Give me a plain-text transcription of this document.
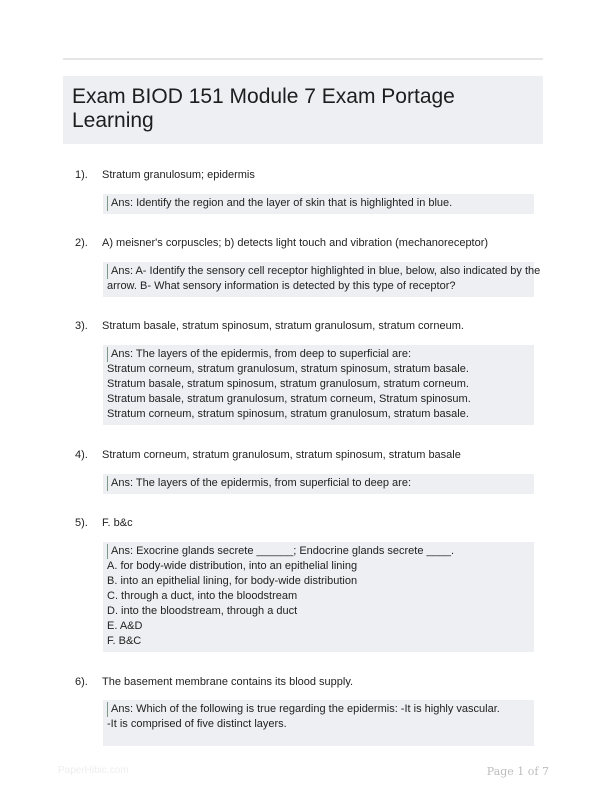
Exam BIOD 151 Module 7 Exam Portage Learning
1). Stratum granulosum; epidermis
Ans: Identify the region and the layer of skin that is highlighted in blue.
2). A) meisner's corpuscles; b) detects light touch and vibration (mechanoreceptor)
Ans: A- Identify the sensory cell receptor highlighted in blue, below, also indicated by the
arrow. B- What sensory information is detected by this type of receptor?
3). Stratum basale, stratum spinosum, stratum granulosum, stratum corneum.
Ans: The layers of the epidermis, from deep to superficial are:
Stratum corneum, stratum granulosum, stratum spinosum, stratum basale.
Stratum basale, stratum spinosum, stratum granulosum, stratum corneum.
Stratum basale, stratum granulosum, stratum corneum, Stratum spinosum.
Stratum corneum, stratum spinosum, stratum granulosum, stratum basale.
4). Stratum corneum, stratum granulosum, stratum spinosum, stratum basale
Ans: The layers of the epidermis, from superficial to deep are:
5). F. b&c
Ans: Exocrine glands secrete ______; Endocrine glands secrete ____.
A. for body-wide distribution, into an epithelial lining
B. into an epithelial lining, for body-wide distribution
C. through a duct, into the bloodstream
D. into the bloodstream, through a duct
E. A&D
F. B&C
6). The basement membrane contains its blood supply.
Ans: Which of the following is true regarding the epidermis: -It is highly vascular.
-It is comprised of five distinct layers.
PaperHibic.com	Page 1 of 7
